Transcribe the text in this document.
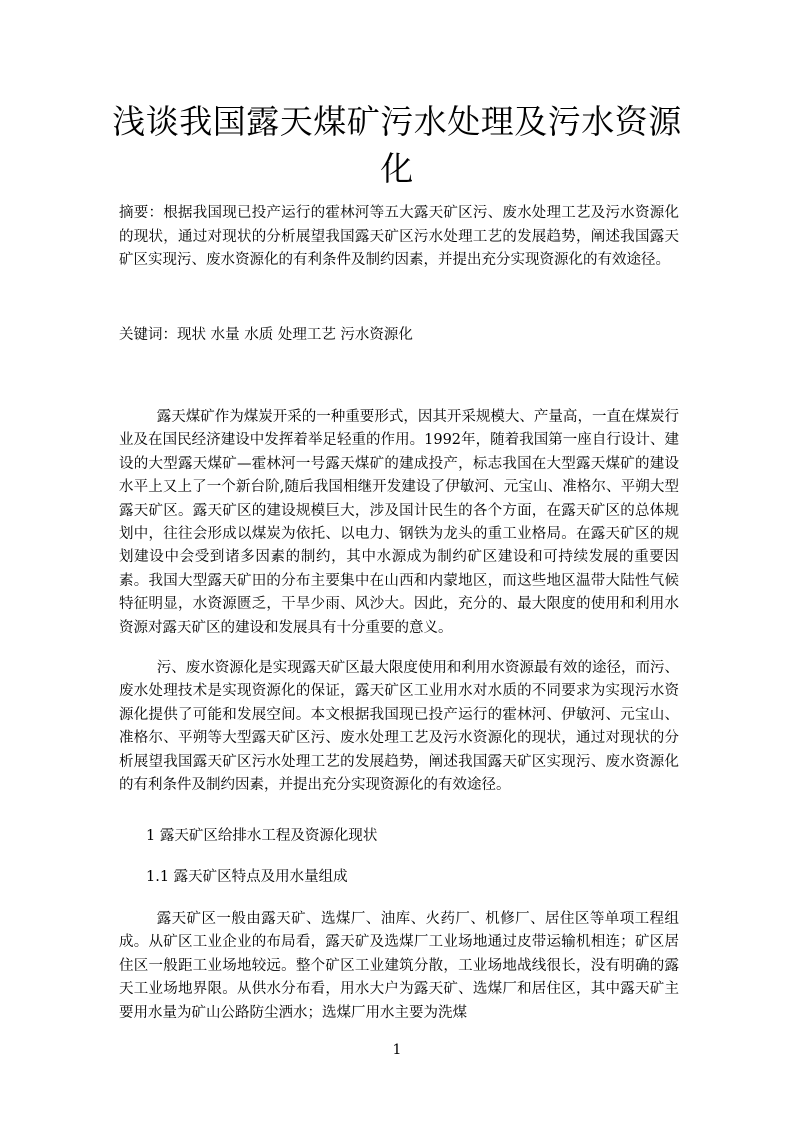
浅谈我国露天煤矿污水处理及污水资源化
摘要：根据我国现已投产运行的霍林河等五大露天矿区污、废水处理工艺及污水资源化的现状，通过对现状的分析展望我国露天矿区污水处理工艺的发展趋势，阐述我国露天矿区实现污、废水资源化的有利条件及制约因素，并提出充分实现资源化的有效途径。
关键词：现状 水量 水质 处理工艺 污水资源化
露天煤矿作为煤炭开采的一种重要形式，因其开采规模大、产量高，一直在煤炭行业及在国民经济建设中发挥着举足轻重的作用。1992年，随着我国第一座自行设计、建设的大型露天煤矿—霍林河一号露天煤矿的建成投产，标志我国在大型露天煤矿的建设水平上又上了一个新台阶,随后我国相继开发建设了伊敏河、元宝山、准格尔、平朔大型露天矿区。露天矿区的建设规模巨大，涉及国计民生的各个方面，在露天矿区的总体规划中，往往会形成以煤炭为依托、以电力、钢铁为龙头的重工业格局。在露天矿区的规划建设中会受到诸多因素的制约，其中水源成为制约矿区建设和可持续发展的重要因素。我国大型露天矿田的分布主要集中在山西和内蒙地区，而这些地区温带大陆性气候特征明显，水资源匮乏，干旱少雨、风沙大。因此，充分的、最大限度的使用和利用水资源对露天矿区的建设和发展具有十分重要的意义。
污、废水资源化是实现露天矿区最大限度使用和利用水资源最有效的途径，而污、废水处理技术是实现资源化的保证，露天矿区工业用水对水质的不同要求为实现污水资源化提供了可能和发展空间。本文根据我国现已投产运行的霍林河、伊敏河、元宝山、准格尔、平朔等大型露天矿区污、废水处理工艺及污水资源化的现状，通过对现状的分析展望我国露天矿区污水处理工艺的发展趋势，阐述我国露天矿区实现污、废水资源化的有利条件及制约因素，并提出充分实现资源化的有效途径。
1 露天矿区给排水工程及资源化现状
1.1 露天矿区特点及用水量组成
露天矿区一般由露天矿、选煤厂、油库、火药厂、机修厂、居住区等单项工程组成。从矿区工业企业的布局看，露天矿及选煤厂工业场地通过皮带运输机相连；矿区居住区一般距工业场地较远。整个矿区工业建筑分散，工业场地战线很长，没有明确的露天工业场地界限。从供水分布看，用水大户为露天矿、选煤厂和居住区，其中露天矿主要用水量为矿山公路防尘洒水；选煤厂用水主要为洗煤
1
